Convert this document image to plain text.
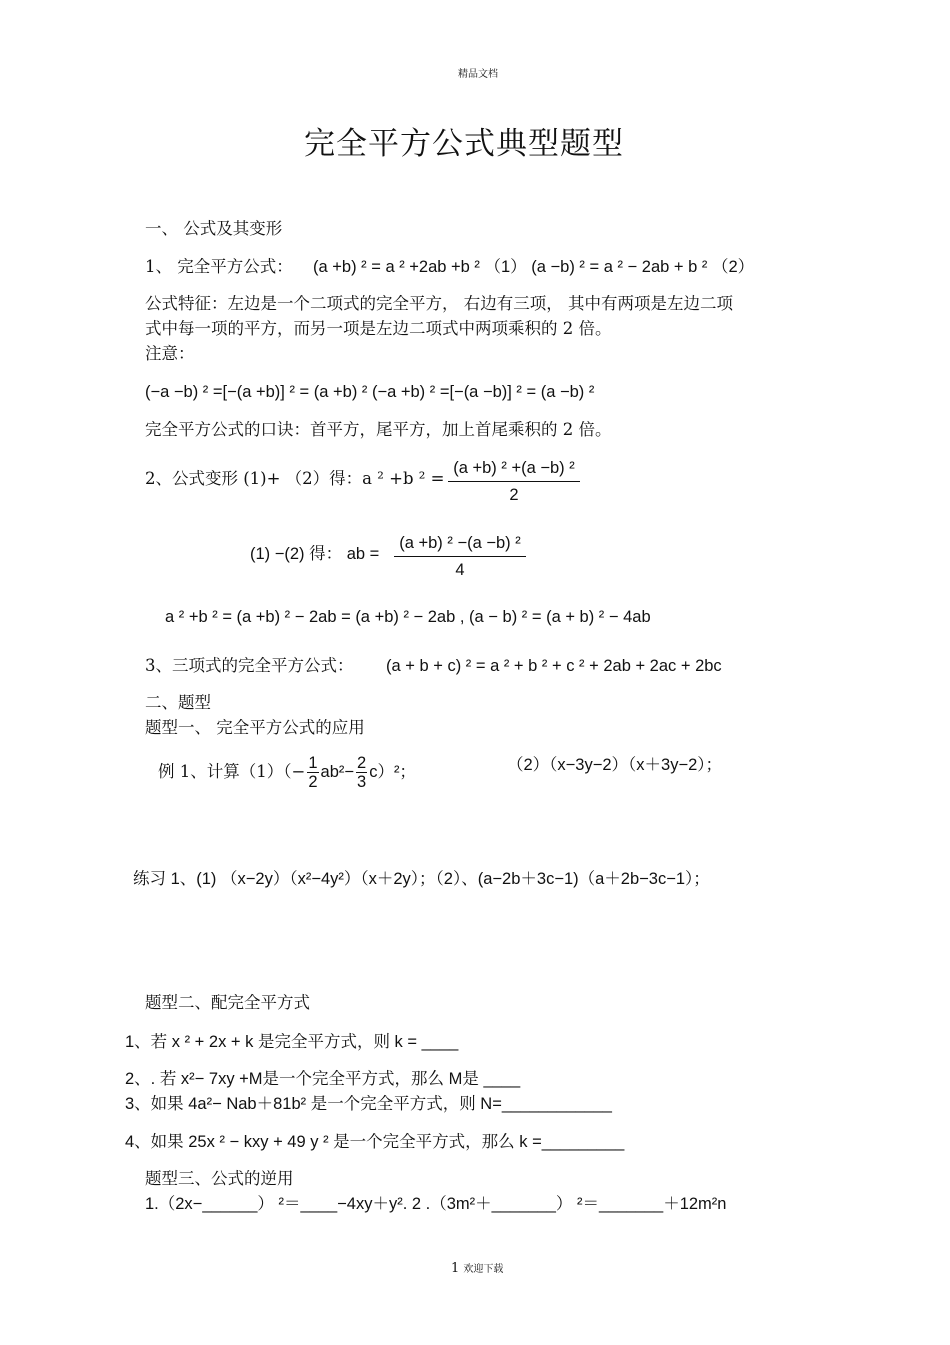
精品文档
完全平方公式典型题型
一、 公式及其变形
1、 完全平方公式： (a +b) ² = a ² +2ab +b ² （1） (a −b) ² = a ² − 2ab + b ² （2）
公式特征：左边是一个二项式的完全平方， 右边有三项， 其中有两项是左边二项
式中每一项的平方，而另一项是左边二项式中两项乘积的 2 倍。
注意：
(−a −b) ² =[−(a +b)] ² = (a +b) ² (−a +b) ² =[−(a −b)] ² = (a −b) ²
完全平方公式的口诀：首平方，尾平方，加上首尾乘积的 2 倍。
2、公式变形 (1)+ （2）得：a ² +b $^2 = \frac{\text{(a +b) ² +(a −b) ²}}{2}$
(1) −(2) 得： ab = $\frac{\text{(a +b) ² −(a −b) ²}}{4}$
a ² +b ² = (a +b) ² − 2ab = (a +b) ² − 2ab , (a − b) ² = (a + b) ² − 4ab
3、三项式的完全平方公式： (a + b + c) ² = a ² + b ² + c ² + 2ab + 2ac + 2bc
二、题型
题型一、 完全平方公式的应用
例 1、计算$(1)(- \frac{1}{2} ab^2- \frac{2}{3} c)^2$；	（2）（x−3y−2）（x＋3y−2）；
练习 1、(1) （x−2y）（x²−4y²）（x＋2y）；（2）、(a−2b＋3c−1)（a＋2b−3c−1）；
题型二、配完全平方式
1、若 x ² + 2x + k 是完全平方式，则 k = ____
2、. 若 x²− 7xy +M是一个完全平方式，那么 M是 ____
3、如果 4a²− Nab＋81b² 是一个完全平方式，则 N=____________
4、如果 25x ² − kxy + 49 y ² 是一个完全平方式，那么 k =_________
题型三、公式的逆用
1.（2x−______） ²＝____−4xy＋y². 2 .（3m²＋_______） ²＝_______＋12m²n
1 欢迎下载
